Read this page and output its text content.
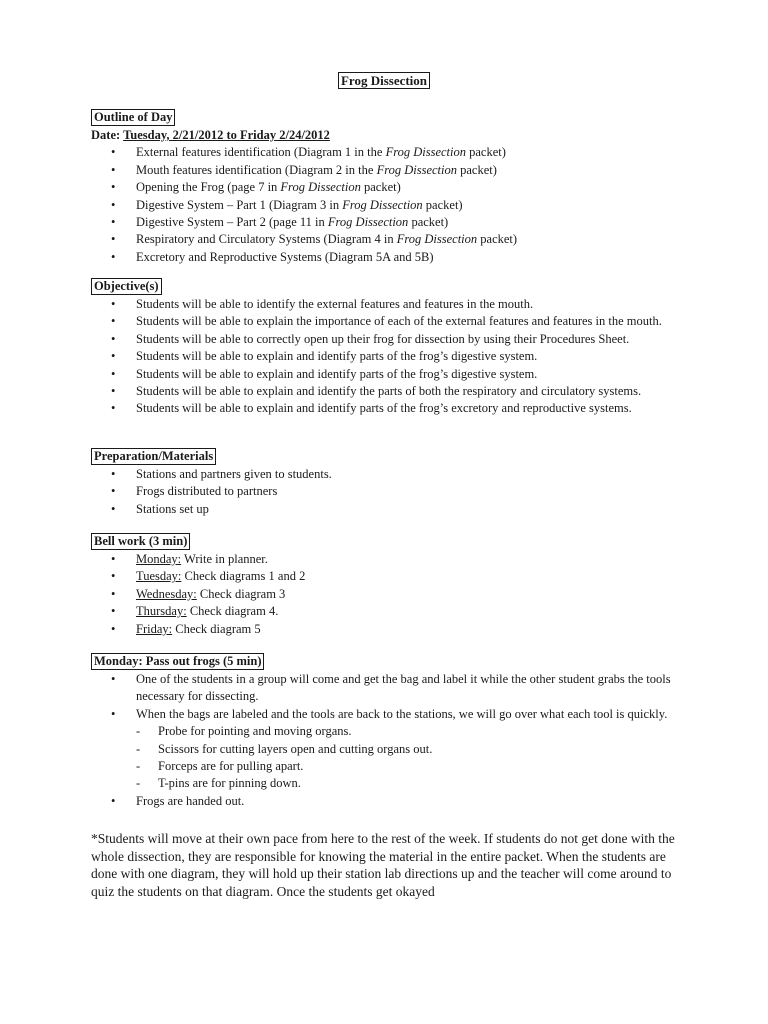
Frog Dissection
Outline of Day
Date: Tuesday, 2/21/2012 to Friday 2/24/2012
• External features identification (Diagram 1 in the Frog Dissection packet)
• Mouth features identification (Diagram 2 in the Frog Dissection packet)
• Opening the Frog (page 7 in Frog Dissection packet)
• Digestive System – Part 1 (Diagram 3 in Frog Dissection packet)
• Digestive System – Part 2 (page 11 in Frog Dissection packet)
• Respiratory and Circulatory Systems (Diagram 4 in Frog Dissection packet)
• Excretory and Reproductive Systems (Diagram 5A and 5B)
Objective(s)
• Students will be able to identify the external features and features in the mouth.
• Students will be able to explain the importance of each of the external features and features in the mouth.
• Students will be able to correctly open up their frog for dissection by using their Procedures Sheet.
• Students will be able to explain and identify parts of the frog’s digestive system.
• Students will be able to explain and identify parts of the frog’s digestive system.
• Students will be able to explain and identify the parts of both the respiratory and circulatory systems.
• Students will be able to explain and identify parts of the frog’s excretory and reproductive systems.
Preparation/Materials
• Stations and partners given to students.
• Frogs distributed to partners
• Stations set up
Bell work (3 min)
• Monday: Write in planner.
• Tuesday: Check diagrams 1 and 2
• Wednesday: Check diagram 3
• Thursday: Check diagram 4.
• Friday: Check diagram 5
Monday: Pass out frogs (5 min)
• One of the students in a group will come and get the bag and label it while the other student grabs the tools necessary for dissecting.
• When the bags are labeled and the tools are back to the stations, we will go over what each tool is quickly.
- Probe for pointing and moving organs.
- Scissors for cutting layers open and cutting organs out.
- Forceps are for pulling apart.
- T-pins are for pinning down.
• Frogs are handed out.
*Students will move at their own pace from here to the rest of the week. If students do not get done with the whole dissection, they are responsible for knowing the material in the entire packet. When the students are done with one diagram, they will hold up their station lab directions up and the teacher will come around to quiz the students on that diagram. Once the students get okayed
